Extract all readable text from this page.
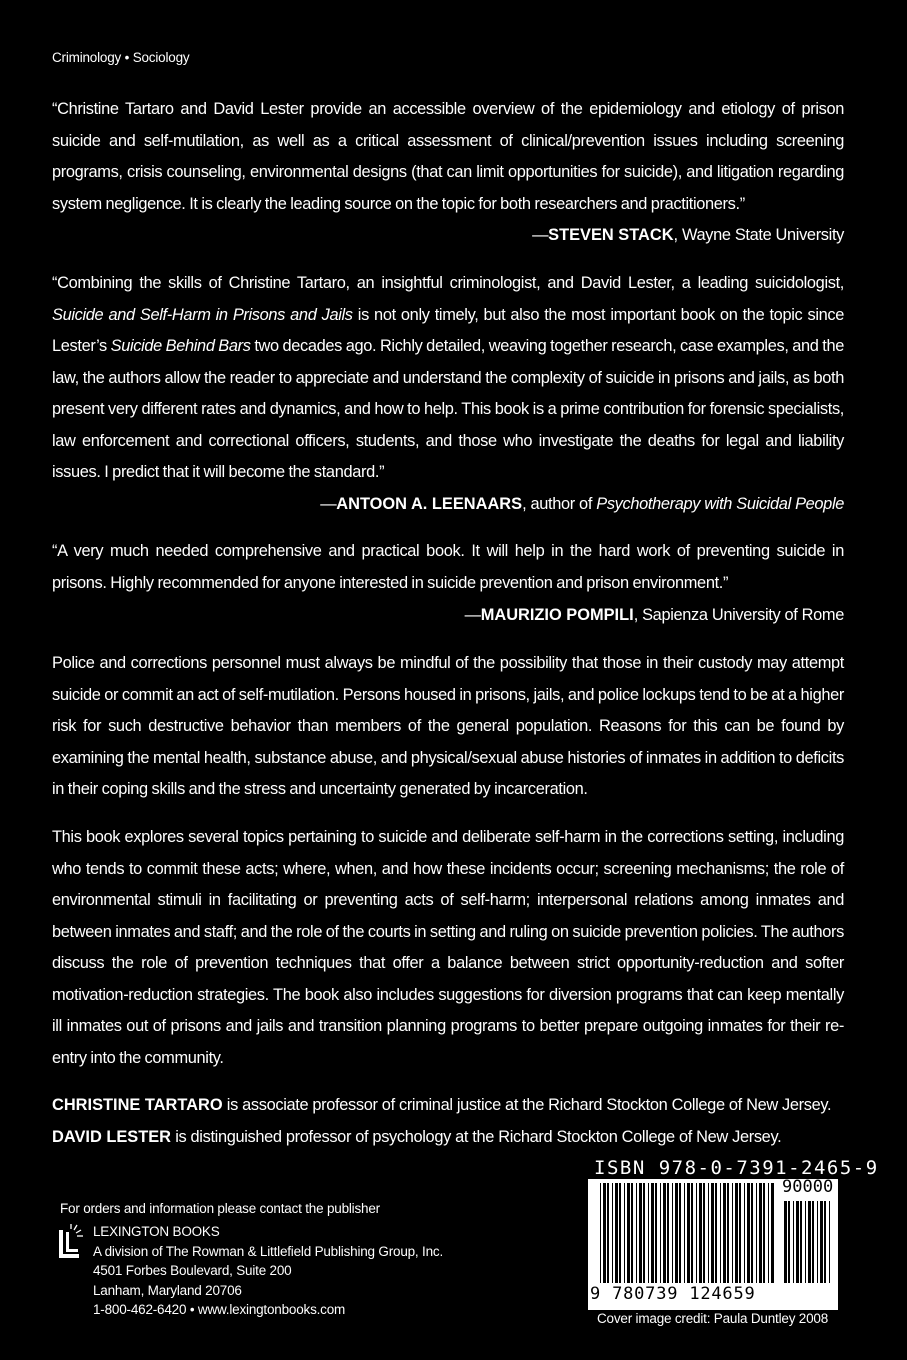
Criminology • Sociology
“Christine Tartaro and David Lester provide an accessible overview of the epidemiology and etiology of prison suicide and self-mutilation, as well as a critical assessment of clinical/prevention issues including screening programs, crisis counseling, environmental designs (that can limit opportunities for suicide), and litigation regarding system negligence. It is clearly the leading source on the topic for both researchers and practitioners.”
—STEVEN STACK, Wayne State University
“Combining the skills of Christine Tartaro, an insightful criminologist, and David Lester, a leading suicidologist, Suicide and Self-Harm in Prisons and Jails is not only timely, but also the most important book on the topic since Lester’s Suicide Behind Bars two decades ago. Richly detailed, weaving together research, case examples, and the law, the authors allow the reader to appreciate and understand the complexity of suicide in prisons and jails, as both present very different rates and dynamics, and how to help. This book is a prime contribution for forensic specialists, law enforcement and correctional officers, students, and those who investigate the deaths for legal and liability issues. I predict that it will become the standard.”
—ANTOON A. LEENAARS, author of Psychotherapy with Suicidal People
“A very much needed comprehensive and practical book. It will help in the hard work of preventing suicide in prisons. Highly recommended for anyone interested in suicide prevention and prison environment.”
—MAURIZIO POMPILI, Sapienza University of Rome
Police and corrections personnel must always be mindful of the possibility that those in their custody may attempt suicide or commit an act of self-mutilation. Persons housed in prisons, jails, and police lockups tend to be at a higher risk for such destructive behavior than members of the general population. Reasons for this can be found by examining the mental health, substance abuse, and physical/sexual abuse histories of inmates in addition to deficits in their coping skills and the stress and uncertainty generated by incarceration.
This book explores several topics pertaining to suicide and deliberate self-harm in the corrections setting, including who tends to commit these acts; where, when, and how these incidents occur; screening mechanisms; the role of environmental stimuli in facilitating or preventing acts of self-harm; interpersonal relations among inmates and between inmates and staff; and the role of the courts in setting and ruling on suicide prevention policies. The authors discuss the role of prevention techniques that offer a balance between strict opportunity-reduction and softer motivation-reduction strategies. The book also includes suggestions for diversion programs that can keep mentally ill inmates out of prisons and jails and transition planning programs to better prepare outgoing inmates for their re-entry into the community.
CHRISTINE TARTARO is associate professor of criminal justice at the Richard Stockton College of New Jersey.
DAVID LESTER is distinguished professor of psychology at the Richard Stockton College of New Jersey.
For orders and information please contact the publisher
LEXINGTON BOOKS
A division of The Rowman & Littlefield Publishing Group, Inc.
4501 Forbes Boulevard, Suite 200
Lanham, Maryland 20706
1-800-462-6420 • www.lexingtonbooks.com
ISBN 978-0-7391-2465-9
90000
9 780739 124659
Cover image credit: Paula Duntley 2008
